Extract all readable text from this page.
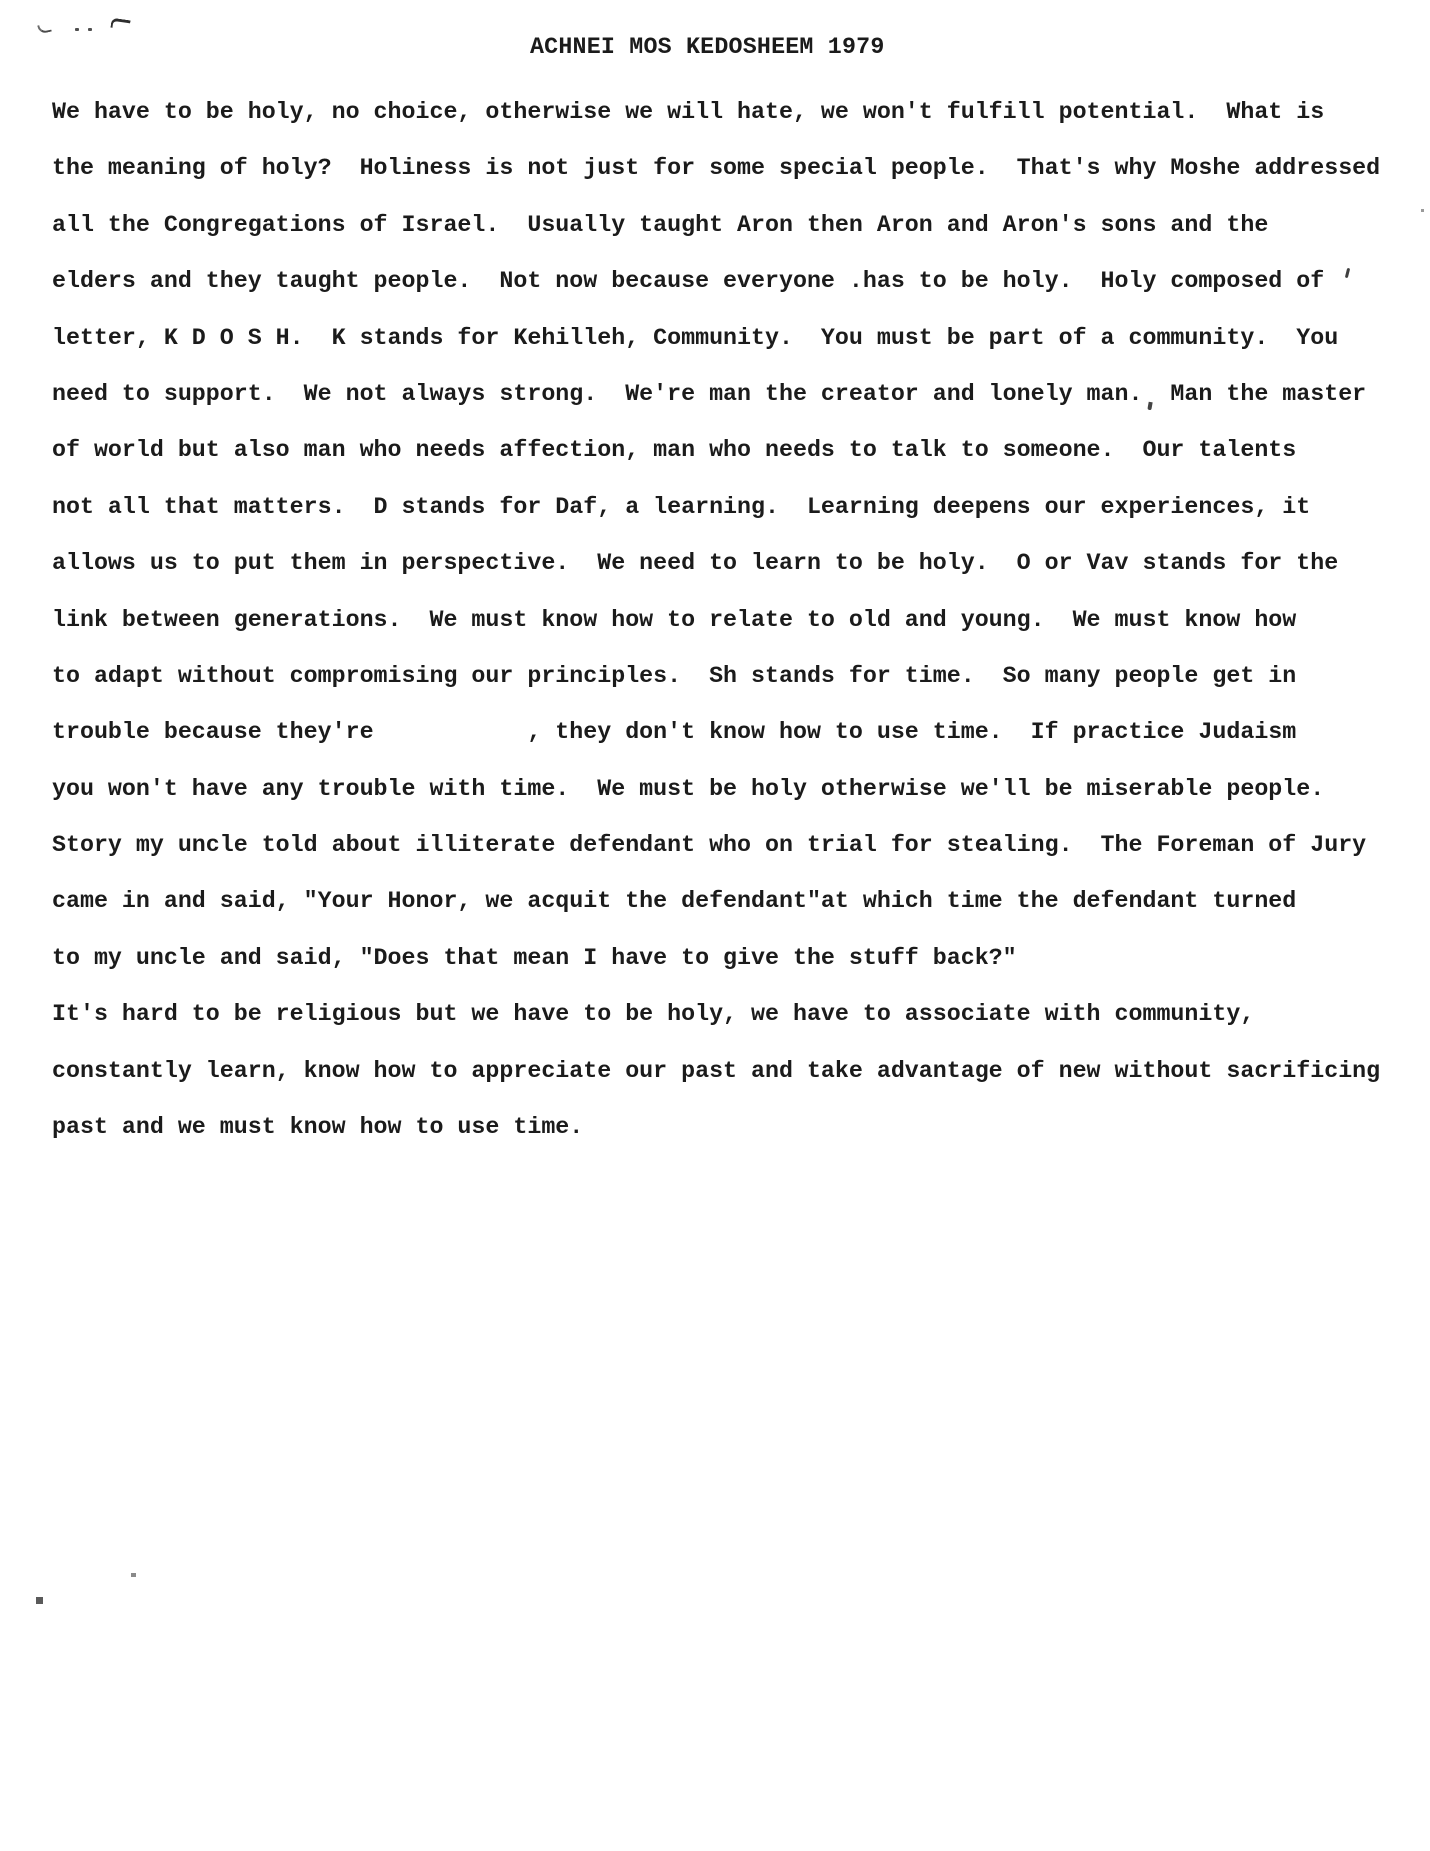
ACHNEI MOS KEDOSHEEM 1979
We have to be holy, no choice, otherwise we will hate, we won't fulfill potential.  What is
the meaning of holy?  Holiness is not just for some special people.  That's why Moshe addressed
all the Congregations of Israel.  Usually taught Aron then Aron and Aron's sons and the
elders and they taught people.  Not now because everyone .has to be holy.  Holy composed of
letter, K D O S H.  K stands for Kehilleh, Community.  You must be part of a community.  You
need to support.  We not always strong.  We're man the creator and lonely man.  Man the master
of world but also man who needs affection, man who needs to talk to someone.  Our talents
not all that matters.  D stands for Daf, a learning.  Learning deepens our experiences, it
allows us to put them in perspective.  We need to learn to be holy.  O or Vav stands for the
link between generations.  We must know how to relate to old and young.  We must know how
to adapt without compromising our principles.  Sh stands for time.  So many people get in
trouble because they're           , they don't know how to use time.  If practice Judaism
you won't have any trouble with time.  We must be holy otherwise we'll be miserable people.
Story my uncle told about illiterate defendant who on trial for stealing.  The Foreman of Jury
came in and said, "Your Honor, we acquit the defendant"at which time the defendant turned
to my uncle and said, "Does that mean I have to give the stuff back?"
It's hard to be religious but we have to be holy, we have to associate with community,
constantly learn, know how to appreciate our past and take advantage of new without sacrificing
past and we must know how to use time.
